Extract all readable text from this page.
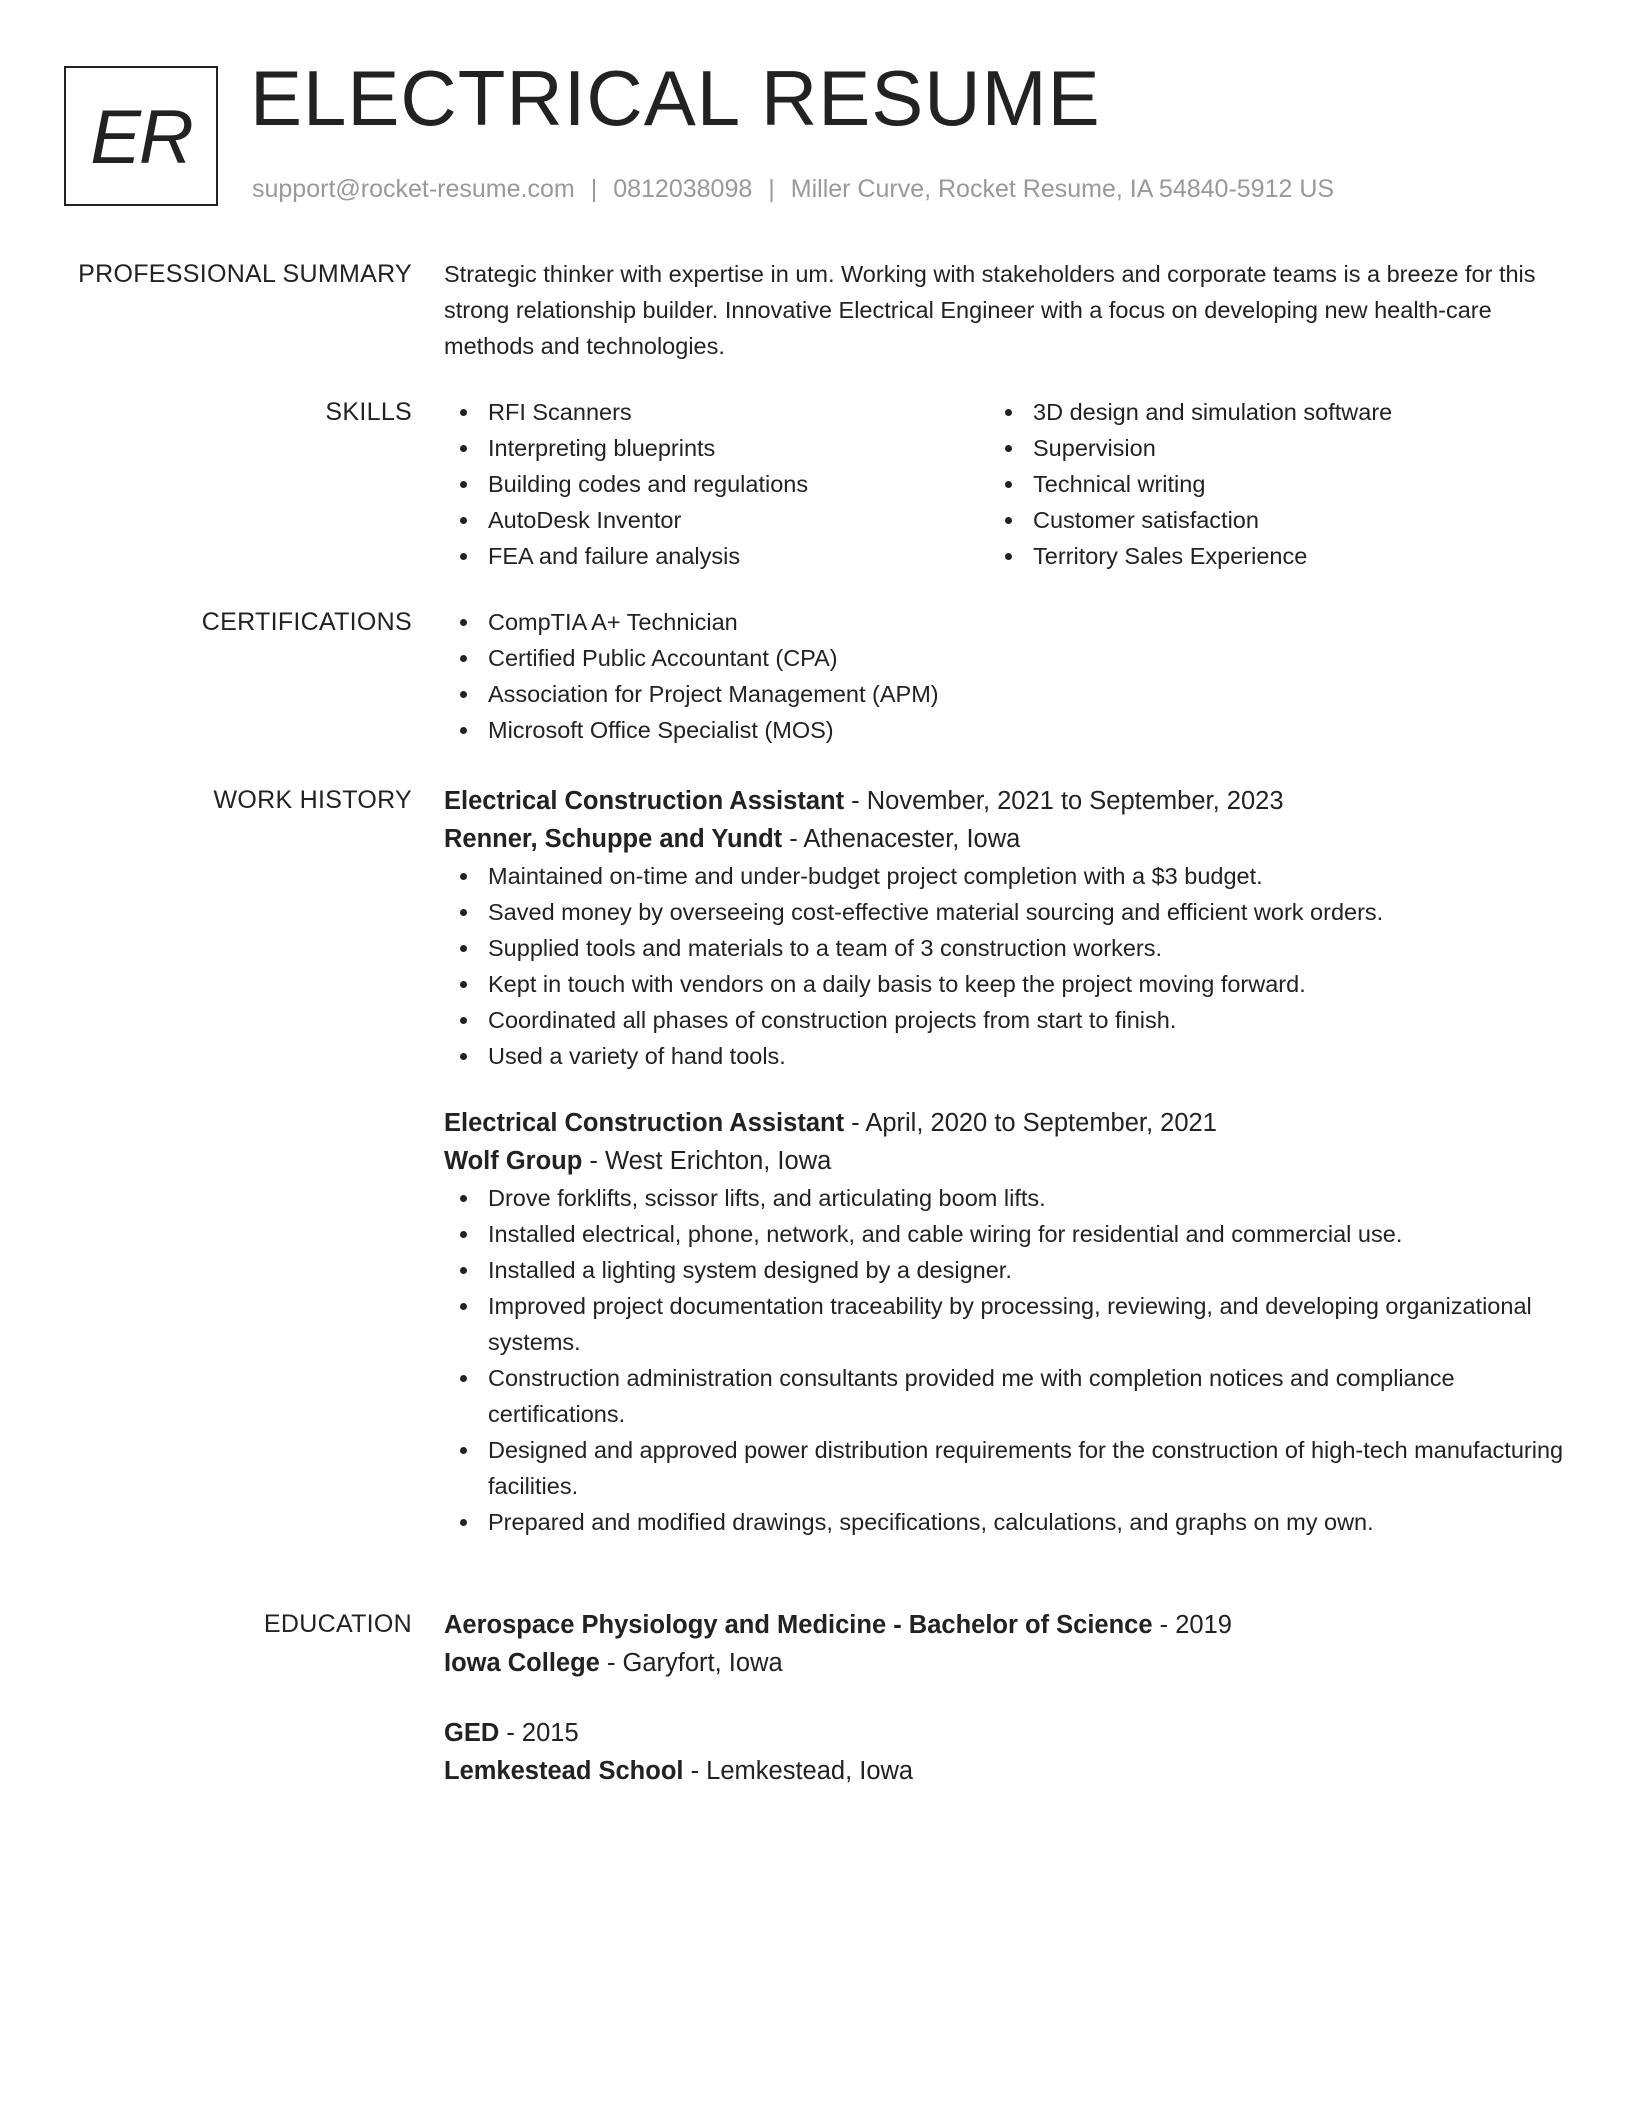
ER ELECTRICAL RESUME
support@rocket-resume.com | 0812038098 | Miller Curve, Rocket Resume, IA 54840-5912 US
PROFESSIONAL SUMMARY Strategic thinker with expertise in um. Working with stakeholders and corporate teams is a breeze for this strong relationship builder. Innovative Electrical Engineer with a focus on developing new health-care methods and technologies.
SKILLS	RFI Scanners
Interpreting blueprints
Building codes and regulations
AutoDesk Inventor
FEA and failure analysis
3D design and simulation software
Supervision
Technical writing
Customer satisfaction
Territory Sales Experience
CERTIFICATIONS	CompTIA A+ Technician
Certified Public Accountant (CPA)
Association for Project Management (APM)
Microsoft Office Specialist (MOS)
WORK HISTORY Electrical Construction Assistant - November, 2021 to September, 2023
Renner, Schuppe and Yundt - Athenacester, Iowa
Maintained on-time and under-budget project completion with a $3 budget.
Saved money by overseeing cost-effective material sourcing and efficient work orders.
Supplied tools and materials to a team of 3 construction workers.
Kept in touch with vendors on a daily basis to keep the project moving forward.
Coordinated all phases of construction projects from start to finish.
Used a variety of hand tools.
Electrical Construction Assistant - April, 2020 to September, 2021
Wolf Group - West Erichton, Iowa
Drove forklifts, scissor lifts, and articulating boom lifts.
Installed electrical, phone, network, and cable wiring for residential and commercial use.
Installed a lighting system designed by a designer.
Improved project documentation traceability by processing, reviewing, and developing organizational systems.
Construction administration consultants provided me with completion notices and compliance certifications.
Designed and approved power distribution requirements for the construction of high-tech manufacturing facilities.
Prepared and modified drawings, specifications, calculations, and graphs on my own.
EDUCATION Aerospace Physiology and Medicine - Bachelor of Science - 2019
Iowa College - Garyfort, Iowa
GED - 2015
Lemkestead School - Lemkestead, Iowa
